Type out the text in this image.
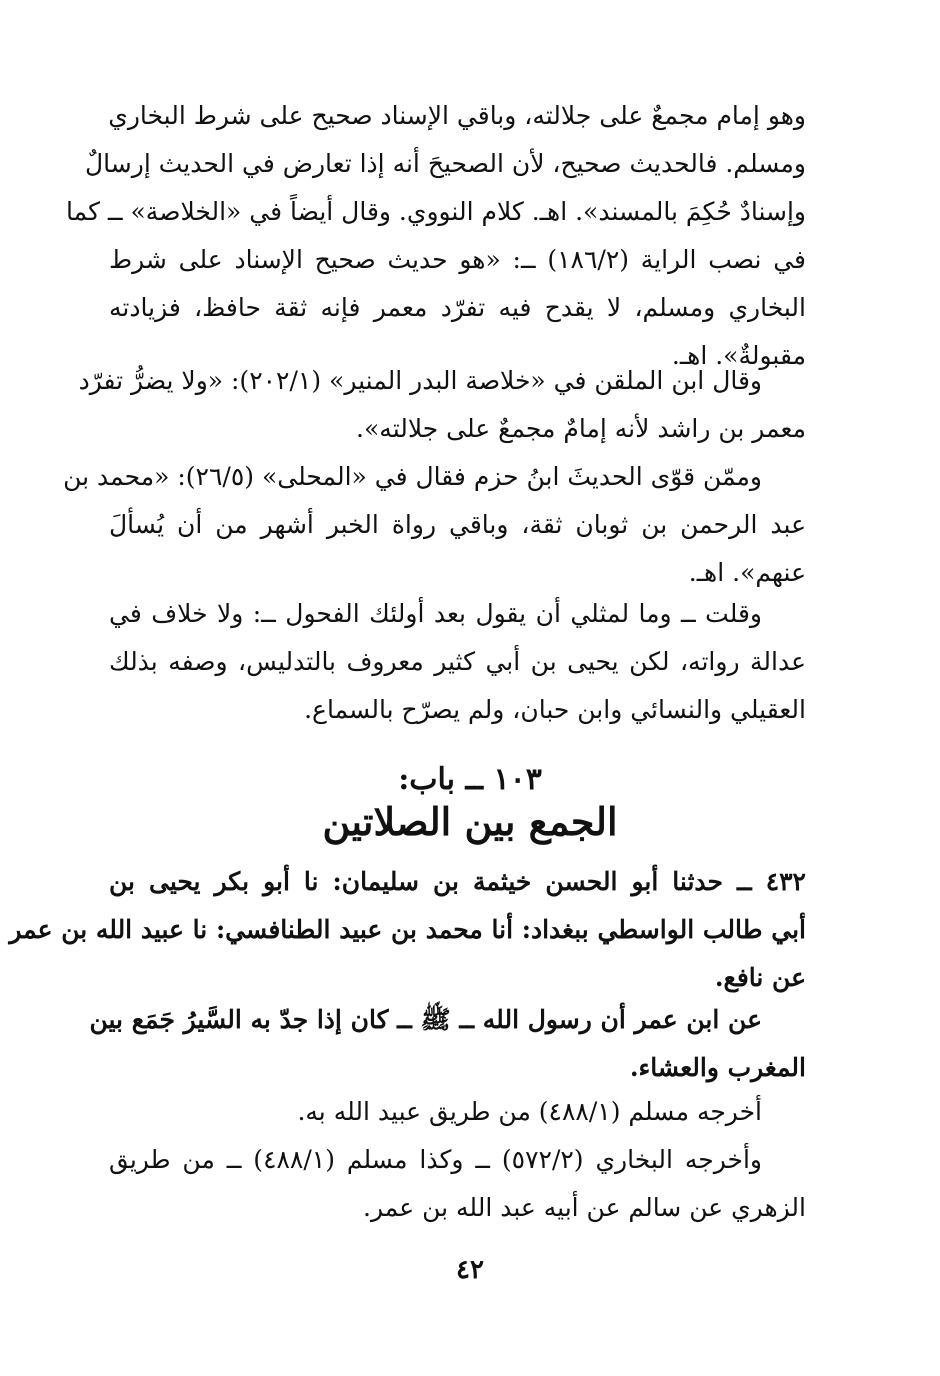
وهو إمام مجمعٌ على جلالته، وباقي الإسناد صحيح على شرط البخاري
ومسلم. فالحديث صحيح، لأن الصحيحَ أنه إذا تعارض في الحديث إرسالٌ
وإسنادٌ حُكِمَ بالمسند». اهـ. كلام النووي. وقال أيضاً في «الخلاصة» ــ كما
في نصب الراية (١٨٦/٢) ــ: «هو حديث صحيح الإسناد على شرط
البخاري ومسلم، لا يقدح فيه تفرّد معمر فإنه ثقة حافظ، فزيادته
مقبولةٌ». اهـ.
وقال ابن الملقن في «خلاصة البدر المنير» (٢٠٢/١): «ولا يضرُّ تفرّد
معمر بن راشد لأنه إمامٌ مجمعٌ على جلالته».
وممّن قوّى الحديثَ ابنُ حزم فقال في «المحلى» (٢٦/٥): «محمد بن
عبد الرحمن بن ثوبان ثقة، وباقي رواة الخبر أشهر من أن يُسألَ
عنهم». اهـ.
وقلت ــ وما لمثلي أن يقول بعد أولئك الفحول ــ: ولا خلاف في
عدالة رواته، لكن يحيى بن أبي كثير معروف بالتدليس، وصفه بذلك
العقيلي والنسائي وابن حبان، ولم يصرّح بالسماع.
١٠٣ ــ باب:
الجمع بين الصلاتين
٤٣٢ ــ حدثنا أبو الحسن خيثمة بن سليمان: نا أبو بكر يحيى بن
أبي طالب الواسطي ببغداد: أنا محمد بن عبيد الطنافسي: نا عبيد الله بن عمر
عن نافع.
عن ابن عمر أن رسول الله ــ ﷺ ــ كان إذا جدّ به السَّيرُ جَمَع بين
المغرب والعشاء.
أخرجه مسلم (٤٨٨/١) من طريق عبيد الله به.
وأخرجه البخاري (٥٧٢/٢) ــ وكذا مسلم (٤٨٨/١) ــ من طريق
الزهري عن سالم عن أبيه عبد الله بن عمر.
٤٢
